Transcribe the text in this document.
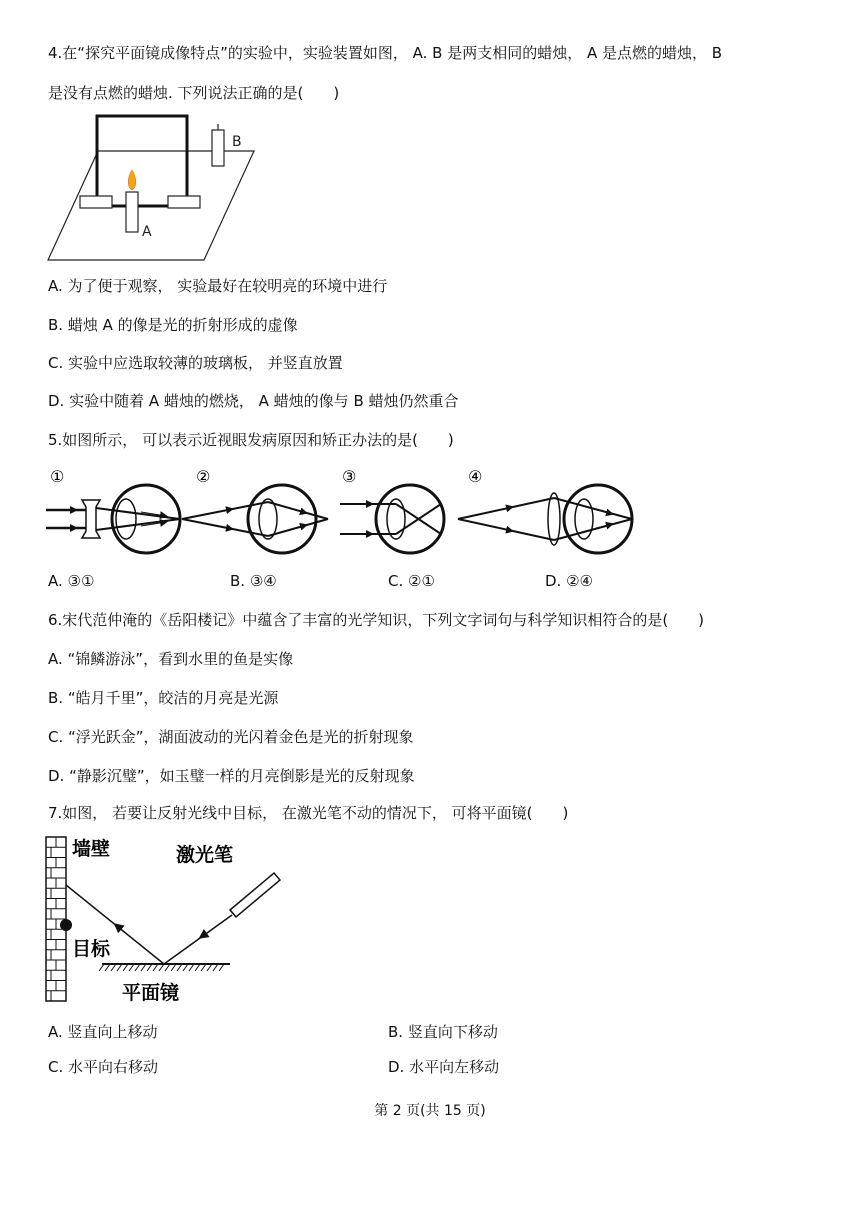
4.在“探究平面镜成像特点”的实验中，实验装置如图， A. B 是两支相同的蜡烛， A 是点燃的蜡烛， B
是没有点燃的蜡烛. 下列说法正确的是(　　)
B
A
A. 为了便于观察， 实验最好在较明亮的环境中进行
B. 蜡烛 A 的像是光的折射形成的虚像
C. 实验中应选取较薄的玻璃板， 并竖直放置
D. 实验中随着 A 蜡烛的燃烧， A 蜡烛的像与 B 蜡烛仍然重合
5.如图所示， 可以表示近视眼发病原因和矫正办法的是(　　)
①	②	③	④
A. ③①	B. ③④	C. ②①	D. ②④
6.宋代范仲淹的《岳阳楼记》中蕴含了丰富的光学知识，下列文字词句与科学知识相符合的是(　　)
A. “锦鳞游泳”，看到水里的鱼是实像
B. “皓月千里”，皎洁的月亮是光源
C. “浮光跃金”，湖面波动的光闪着金色是光的折射现象
D. “静影沉璧”，如玉璧一样的月亮倒影是光的反射现象
7.如图， 若要让反射光线中目标， 在激光笔不动的情况下， 可将平面镜(　　)
墙壁	激光笔
目标
平面镜
A. 竖直向上移动	B. 竖直向下移动
C. 水平向右移动	D. 水平向左移动
第 2 页(共 15 页)
